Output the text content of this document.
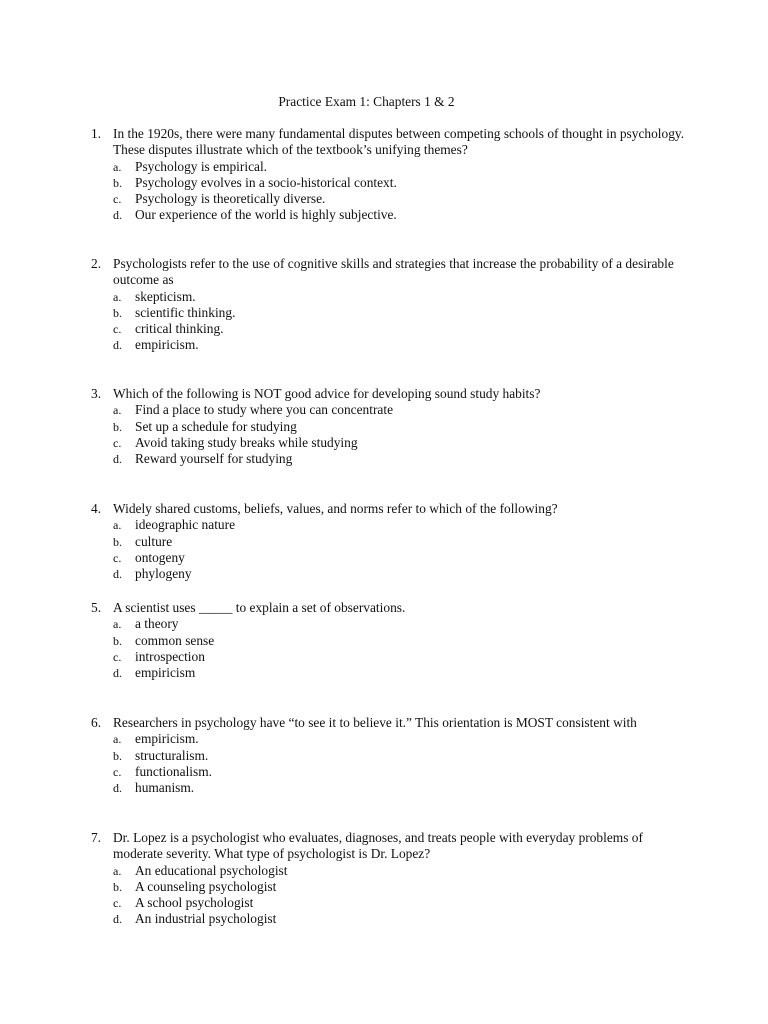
Practice Exam 1: Chapters 1 & 2
1. In the 1920s, there were many fundamental disputes between competing schools of thought in psychology. These disputes illustrate which of the textbook’s unifying themes?
a.	Psychology is empirical.
b. Psychology evolves in a socio-historical context.
c.	Psychology is theoretically diverse.
d. Our experience of the world is highly subjective.
2. Psychologists refer to the use of cognitive skills and strategies that increase the probability of a desirable outcome as
a.	skepticism.
b. scientific thinking.
c.	critical thinking.
d. empiricism.
3. Which of the following is NOT good advice for developing sound study habits?
a.	Find a place to study where you can concentrate
b. Set up a schedule for studying
c.	Avoid taking study breaks while studying
d. Reward yourself for studying
4. Widely shared customs, beliefs, values, and norms refer to which of the following?
a.	ideographic nature
b. culture
c.	ontogeny
d. phylogeny
5. A scientist uses _____ to explain a set of observations.
a.	a theory
b. common sense
c.	introspection
d. empiricism
6. Researchers in psychology have “to see it to believe it.” This orientation is MOST consistent with
a.	empiricism.
b. structuralism.
c.	functionalism.
d. humanism.
7. Dr. Lopez is a psychologist who evaluates, diagnoses, and treats people with everyday problems of moderate severity. What type of psychologist is Dr. Lopez?
a.	An educational psychologist
b. A counseling psychologist
c.	A school psychologist
d. An industrial psychologist
